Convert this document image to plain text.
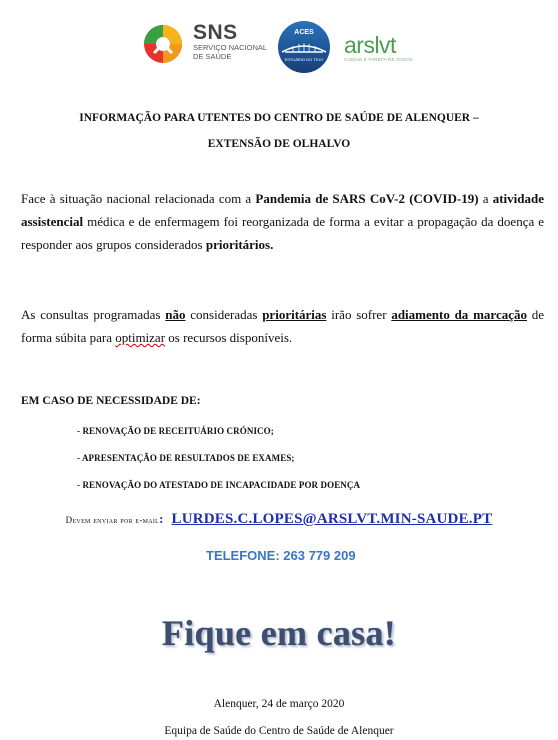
SNS
SERVIÇO NACIONAL
DE SAÚDE
ACES
ESTUÁRIO DO TEJO
arslvt
CUIDAR É TAREFA DE TODOS
INFORMAÇÃO PARA UTENTES DO CENTRO DE SAÚDE DE ALENQUER –
EXTENSÃO DE OLHALVO
Face à situação nacional relacionada com a Pandemia de SARS CoV-2 (COVID-19) a atividade assistencial médica e de enfermagem foi reorganizada de forma a evitar a propagação da doença e responder aos grupos considerados prioritários.
As consultas programadas não consideradas prioritárias irão sofrer adiamento da marcação de forma súbita para optimizar os recursos disponíveis.
EM CASO DE NECESSIDADE DE:
- RENOVAÇÃO DE RECEITUÁRIO CRÓNICO;
- APRESENTAÇÃO DE RESULTADOS DE EXAMES;
- RENOVAÇÃO DO ATESTADO DE INCAPACIDADE POR DOENÇA
Devem enviar por e-mail: LURDES.C.LOPES@ARSLVT.MIN-SAUDE.PT
TELEFONE: 263 779 209
Fique em casa!
Alenquer, 24 de março 2020
Equipa de Saúde do Centro de Saúde de Alenquer
